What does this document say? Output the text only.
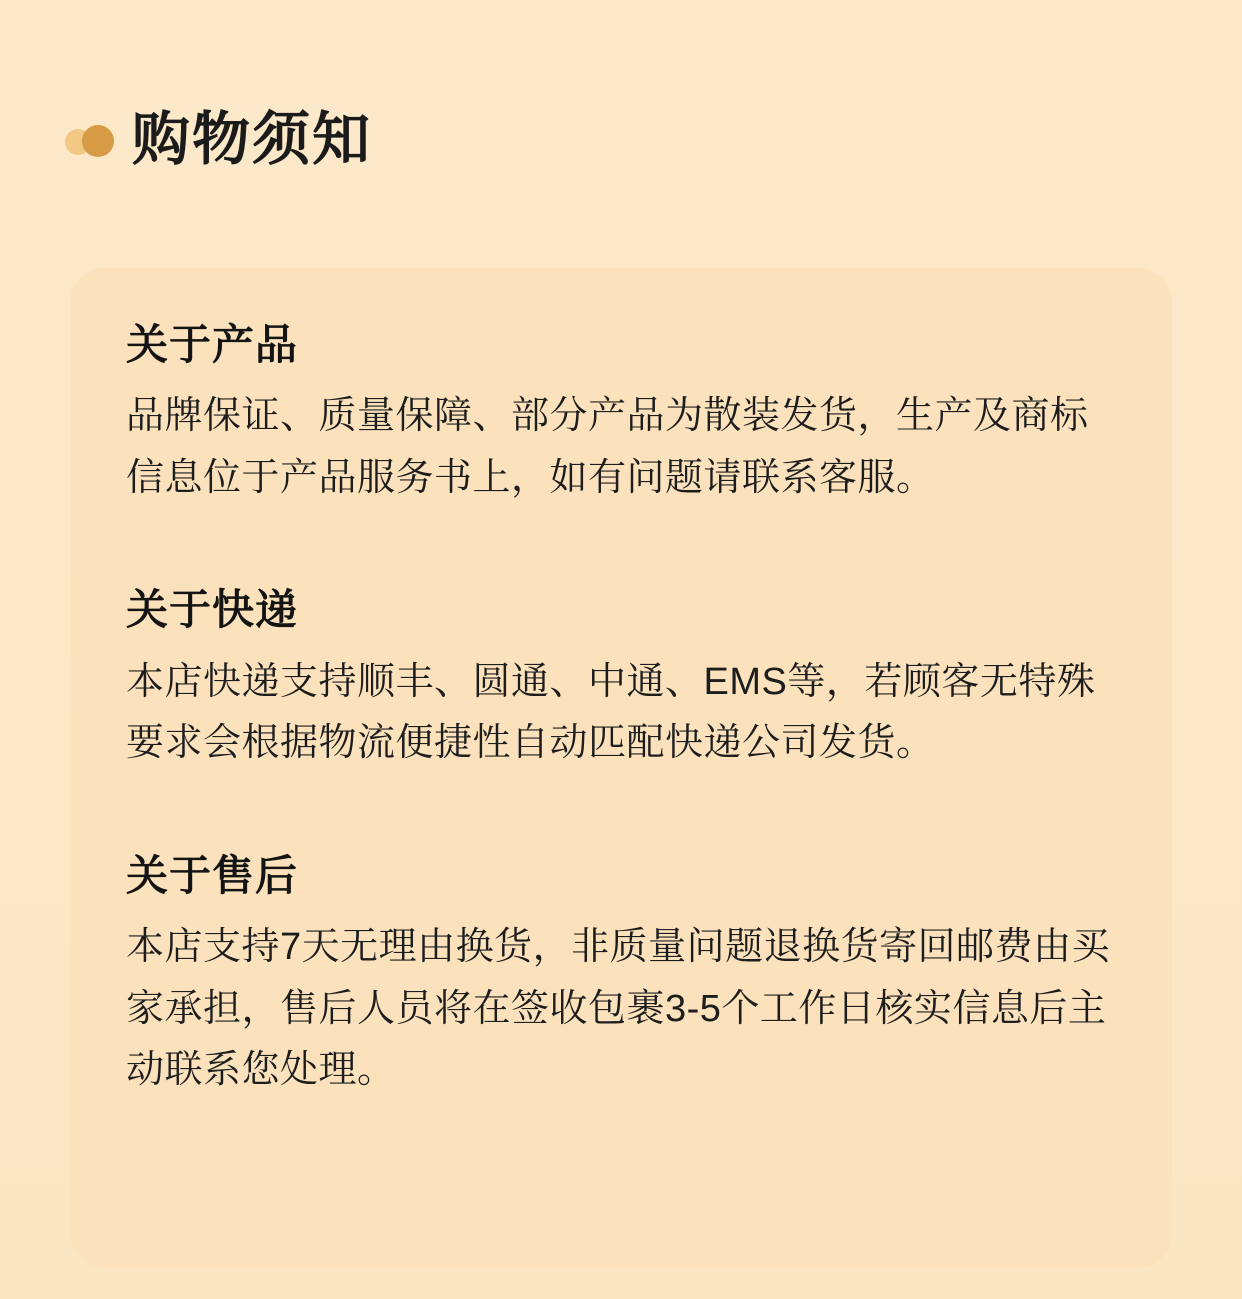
购物须知
关于产品

品牌保证、质量保障、部分产品为散装发货，生产及商标信息位于产品服务书上，如有问题请联系客服。

关于快递

本店快递支持顺丰、圆通、中通、EMS等，若顾客无特殊要求会根据物流便捷性自动匹配快递公司发货。

关于售后

本店支持7天无理由换货，非质量问题退换货寄回邮费由买家承担，售后人员将在签收包裹3-5个工作日核实信息后主动联系您处理。
